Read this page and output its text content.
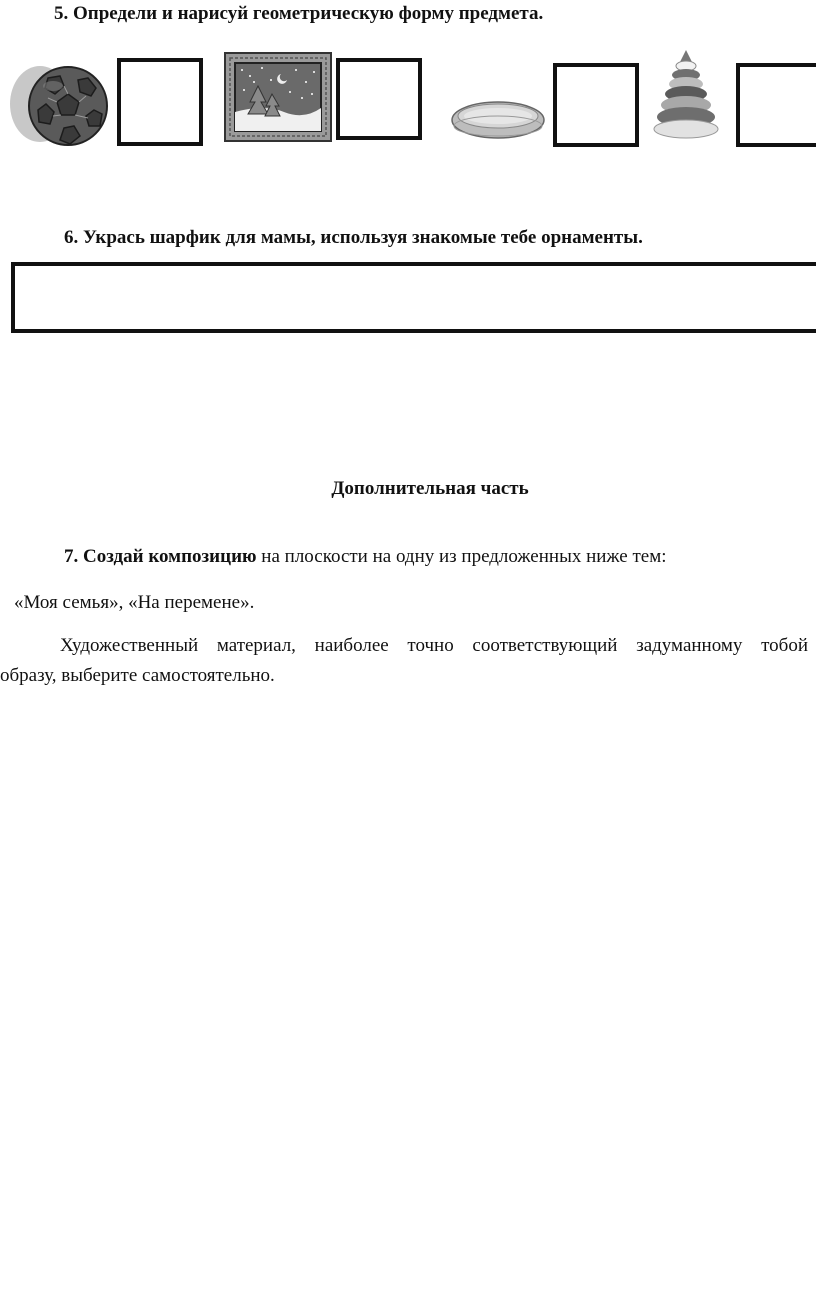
5. Определи и нарисуй геометрическую форму предмета.
6. Укрась шарфик для мамы, используя знакомые тебе орнаменты.
Дополнительная часть
7. Создай композицию на плоскости на одну из предложенных ниже тем:
«Моя семья», «На перемене».
Художественный материал, наиболее точно соответствующий задуманному тобой
образу, выберите самостоятельно.
